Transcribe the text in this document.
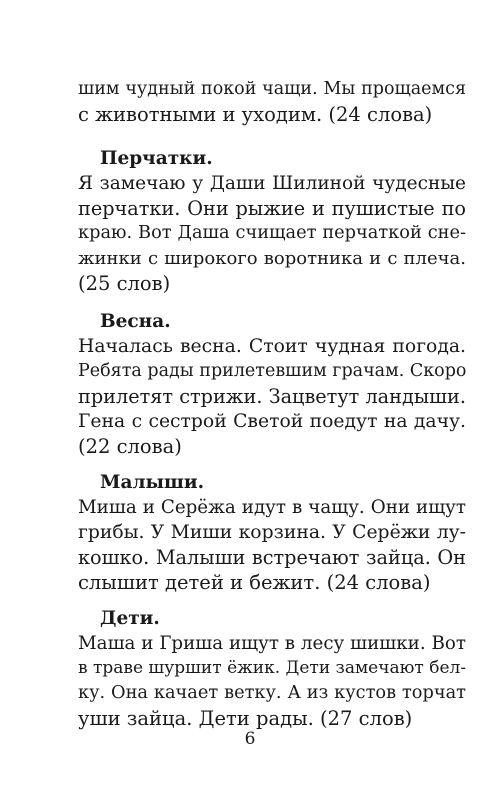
шим чудный покой чащи. Мы прощаемся
с животными и уходим. (24 слова)
Перчатки.
Я замечаю у Даши Шилиной чудесные
перчатки. Они рыжие и пушистые по
краю. Вот Даша счищает перчаткой сне-
жинки с широкого воротника и с плеча.
(25 слов)
Весна.
Началась весна. Стоит чудная погода.
Ребята рады прилетевшим грачам. Скоро
прилетят стрижи. Зацветут ландыши.
Гена с сестрой Светой поедут на дачу.
(22 слова)
Малыши.
Миша и Серёжа идут в чащу. Они ищут
грибы. У Миши корзина. У Серёжи лу-
кошко. Малыши встречают зайца. Он
слышит детей и бежит. (24 слова)
Дети.
Маша и Гриша ищут в лесу шишки. Вот
в траве шуршит ёжик. Дети замечают бел-
ку. Она качает ветку. А из кустов торчат
уши зайца. Дети рады. (27 слов)
6
